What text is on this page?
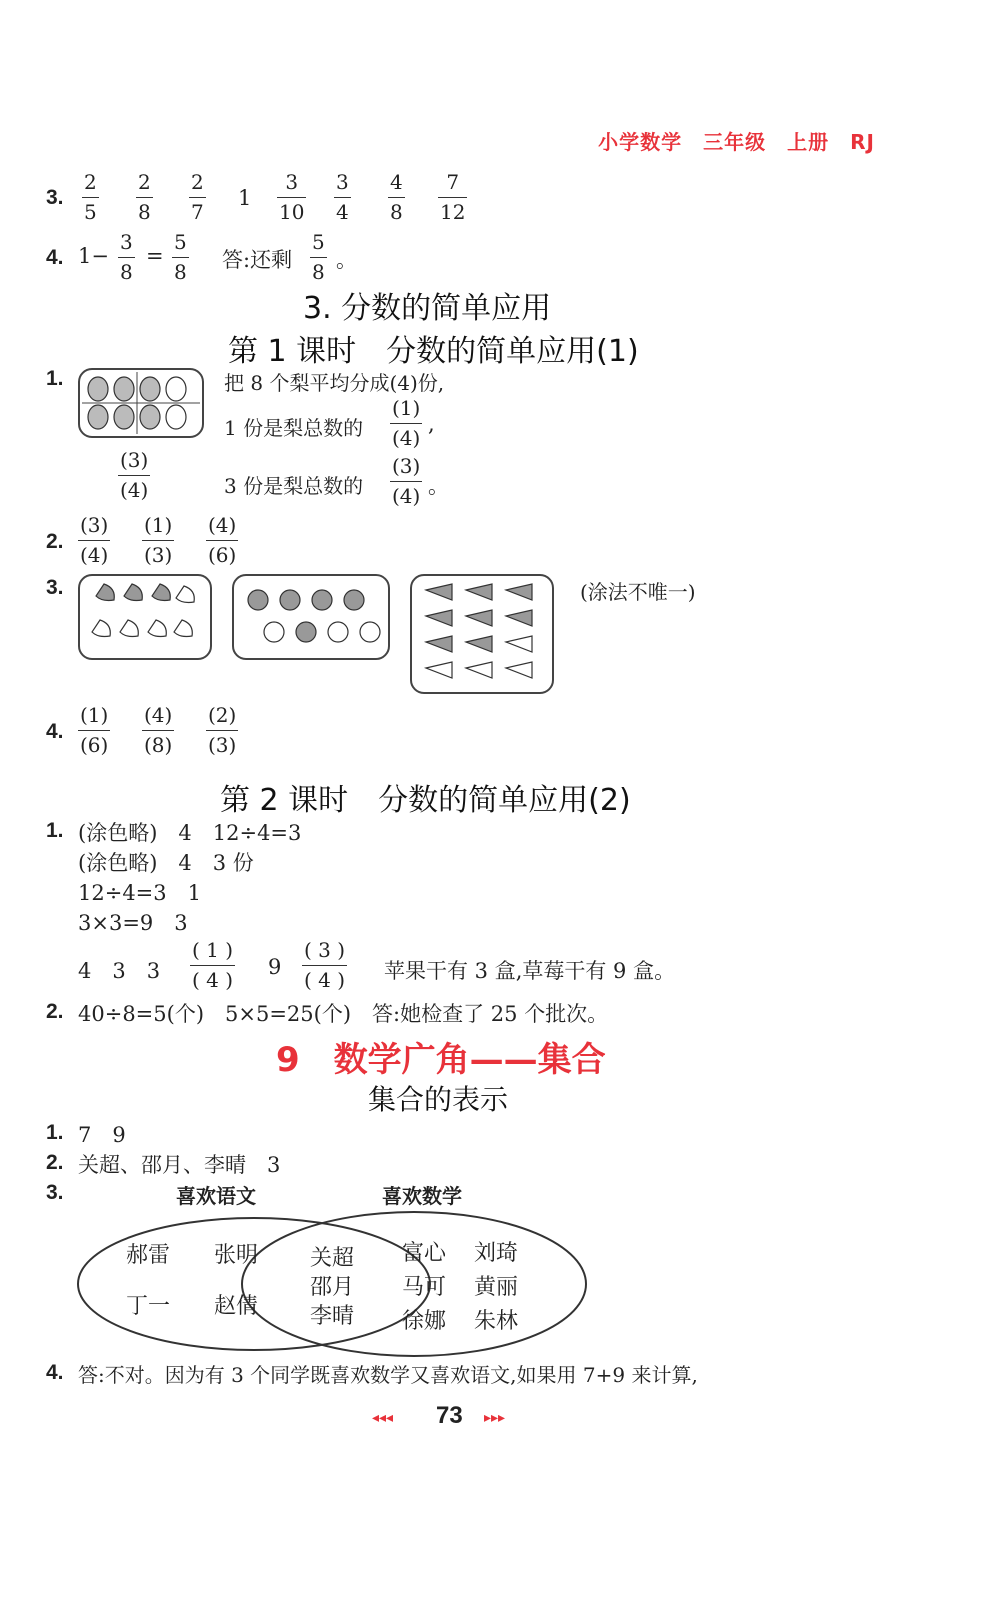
小学数学　三年级　上册　RJ
3.
2
5
2
8
2
7
1
3
10
3
4
4
8
7
12
4. 1−
3
8
=
5
8 答:还剩
5
8 。
3. 分数的简单应用
第 1 课时　分数的简单应用(1)
1.	把 8 个梨平均分成(4)份,
1 份是梨总数的
(1)
(4)
,
(3)
(4)	3 份是梨总数的
(3)
(4) 。
2.
(3)
(4)
(1)
(3)
(4)
(6)
3.	(涂法不唯一)
4.
(1)
(6)
(4)
(8)
(2)
(3)
第 2 课时　分数的简单应用(2)
1. (涂色略)　4　12÷4=3
(涂色略)　4　3 份
12÷4=3　1
3×3=9　3
4　3　3
( 1 )
( 4 )
9
( 3 )
( 4 ) 苹果干有 3 盒,草莓干有 9 盒。
2. 40÷8=5(个)　5×5=25(个)　答:她检查了 25 个批次。
9　数学广角——集合
集合的表示
1. 7　9
2. 关超、邵月、李晴　3
3.	喜欢语文	喜欢数学
郝雷 张明
丁一 赵倩
关超
邵月
李晴
富心 刘琦
马可 黄丽
徐娜 朱林
4. 答:不对。因为有 3 个同学既喜欢数学又喜欢语文,如果用 7+9 来计算,
◂◂◂ 73 ▸▸▸
